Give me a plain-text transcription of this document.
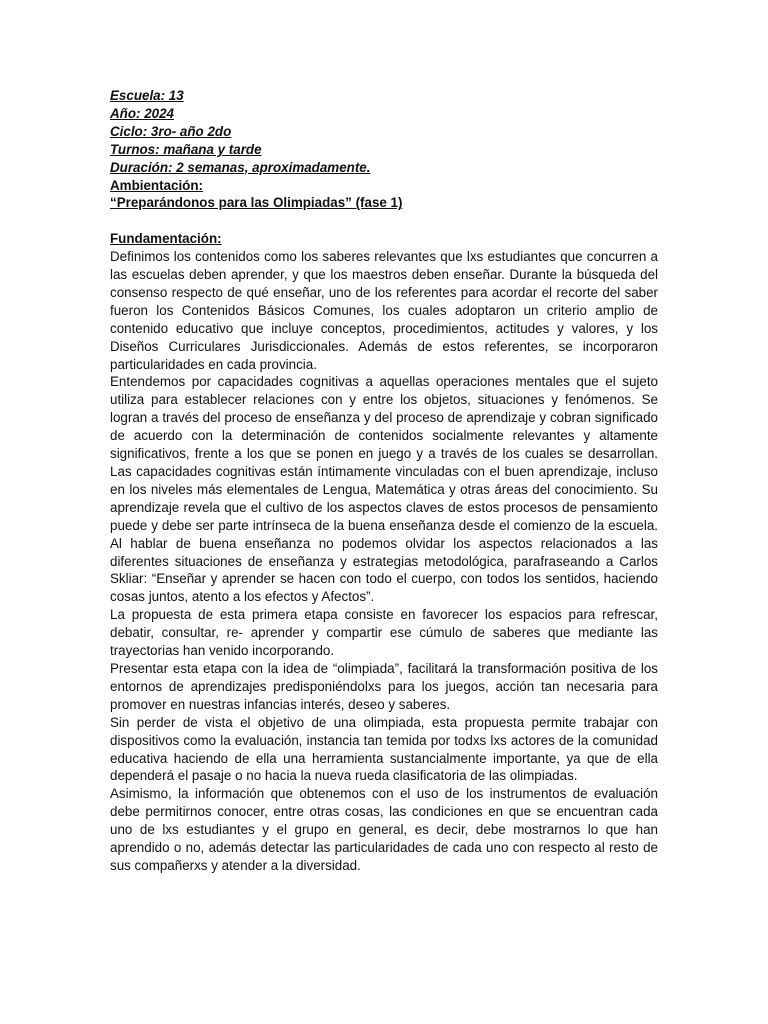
Escuela: 13
Año: 2024
Ciclo: 3ro- año 2do
Turnos: mañana y tarde
Duración: 2 semanas, aproximadamente.
Ambientación:
“Preparándonos para las Olimpiadas” (fase 1)
Fundamentación:

Definimos los contenidos como los saberes relevantes que lxs estudiantes que concurren a las escuelas deben aprender, y que los maestros deben enseñar. Durante la búsqueda del consenso respecto de qué enseñar, uno de los referentes para acordar el recorte del saber fueron los Contenidos Básicos Comunes, los cuales adoptaron un criterio amplio de contenido educativo que incluye conceptos, procedimientos, actitudes y valores, y los Diseños Curriculares Jurisdiccionales. Además de estos referentes, se incorporaron particularidades en cada provincia.

Entendemos por capacidades cognitivas a aquellas operaciones mentales que el sujeto utiliza para establecer relaciones con y entre los objetos, situaciones y fenómenos. Se logran a través del proceso de enseñanza y del proceso de aprendizaje y cobran significado de acuerdo con la determinación de contenidos socialmente relevantes y altamente significativos, frente a los que se ponen en juego y a través de los cuales se desarrollan. Las capacidades cognitivas están íntimamente vinculadas con el buen aprendizaje, incluso en los niveles más elementales de Lengua, Matemática y otras áreas del conocimiento. Su aprendizaje revela que el cultivo de los aspectos claves de estos procesos de pensamiento puede y debe ser parte intrínseca de la buena enseñanza desde el comienzo de la escuela. Al hablar de buena enseñanza no podemos olvidar los aspectos relacionados a las diferentes situaciones de enseñanza y estrategias metodológica, parafraseando a Carlos Skliar: “Enseñar y aprender se hacen con todo el cuerpo, con todos los sentidos, haciendo cosas juntos, atento a los efectos y Afectos”.

La propuesta de esta primera etapa consiste en favorecer los espacios para refrescar, debatir, consultar, re- aprender y compartir ese cúmulo de saberes que mediante las trayectorias han venido incorporando.

Presentar esta etapa con la idea de “olimpiada”, facilitará la transformación positiva de los entornos de aprendizajes predisponiéndolxs para los juegos, acción tan necesaria para promover en nuestras infancias interés, deseo y saberes.

Sin perder de vista el objetivo de una olimpiada, esta propuesta permite trabajar con dispositivos como la evaluación, instancia tan temida por todxs lxs actores de la comunidad educativa haciendo de ella una herramienta sustancialmente importante, ya que de ella dependerá el pasaje o no hacia la nueva rueda clasificatoria de las olimpiadas.

Asimismo, la información que obtenemos con el uso de los instrumentos de evaluación debe permitirnos conocer, entre otras cosas, las condiciones en que se encuentran cada uno de lxs estudiantes y el grupo en general, es decir, debe mostrarnos lo que han aprendido o no, además detectar las particularidades de cada uno con respecto al resto de sus compañerxs y atender a la diversidad.
